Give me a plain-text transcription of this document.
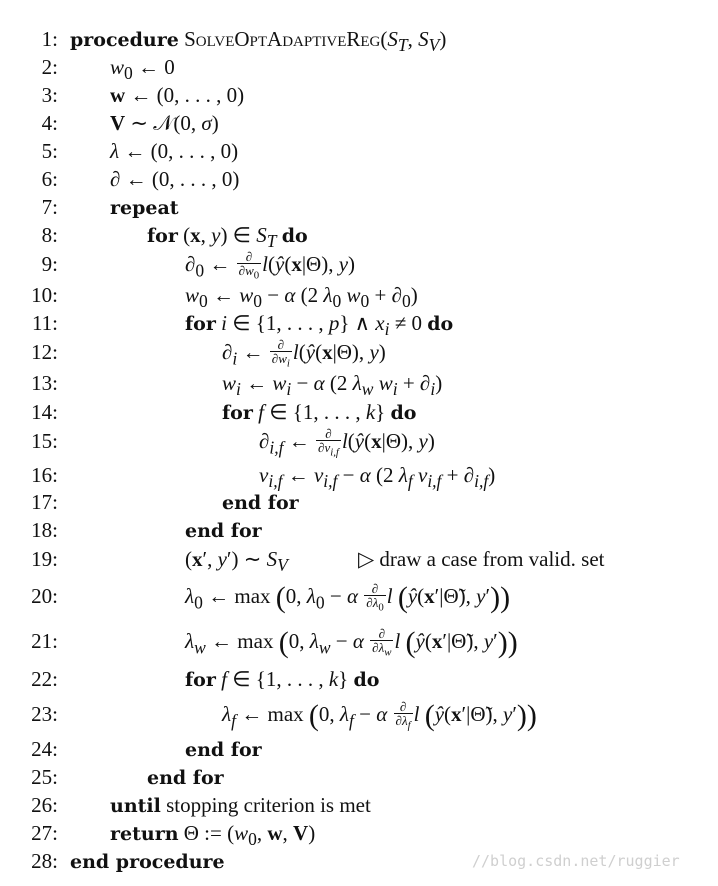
1: procedure $SolveOptAdaptiveReg(S_T$, $S_V$)
2: $w_0$ ← 0
3: w ← (0, . . . , 0)
4: V ∼ 𝒩(0, σ)
5: λ ← (0, . . . , 0)
6: ∂ ← (0, . . . , 0)
7:	repeat
8:	for (x, y) ∈ $S_T$ do
9:	$\partial_0$ ← $\frac{\partial}{\partial w_0}$ l(ŷ(x|Θ), y)
10:	$w_0$ ← $w_0 - \alpha$ (2 $\lambda_0$ $w_0 + \partial_0$)
11:	for i ∈ {1, . . . , p} ∧ $x_i \ne 0$ do
12:	$\partial_i$ ← $\frac{\partial}{\partial w_i}$ l(ŷ(x|Θ), y)
13:	$w_i$ ← $w_i - \alpha$ (2 $\lambda_w$ $w_i + \partial_i$)
14:	for f ∈ {1, . . . , k} do
15:	$\partial_{i,f}$ ← $\frac{\partial}{\partial v_{i,f}}$ l(ŷ(x|Θ), y)
16:	$v_{i,f}$ ← $v_{i,f} - \alpha$ (2 $\lambda_f$ $v_{i,f} + \partial_{i,f}$)
17:	end for
18:	end for
19:	(x′, y′) ∼ $S_V$	▷ draw a case from valid. set
20:	$\lambda_0$ ← max (0, $\lambda_0 - \alpha \frac{\partial}{\partial\lambda_0}$ l (ŷ(x′|Θ̃), y′))
21:	$\lambda_w$ ← max (0, $\lambda_w - \alpha \frac{\partial}{\partial\lambda_w}$ l (ŷ(x′|Θ̃), y′))
22:	for f ∈ {1, . . . , k} do
23:	$\lambda_f$ ← max (0, $\lambda_f - \alpha \frac{\partial}{\partial\lambda_f}$ l (ŷ(x′|Θ̃), y′))
24:	end for
25:	end for
26:	until stopping criterion is met
27:	return Θ := ($w_0$, w, V)
28: end procedure	//blog.csdn.net/ruggier
